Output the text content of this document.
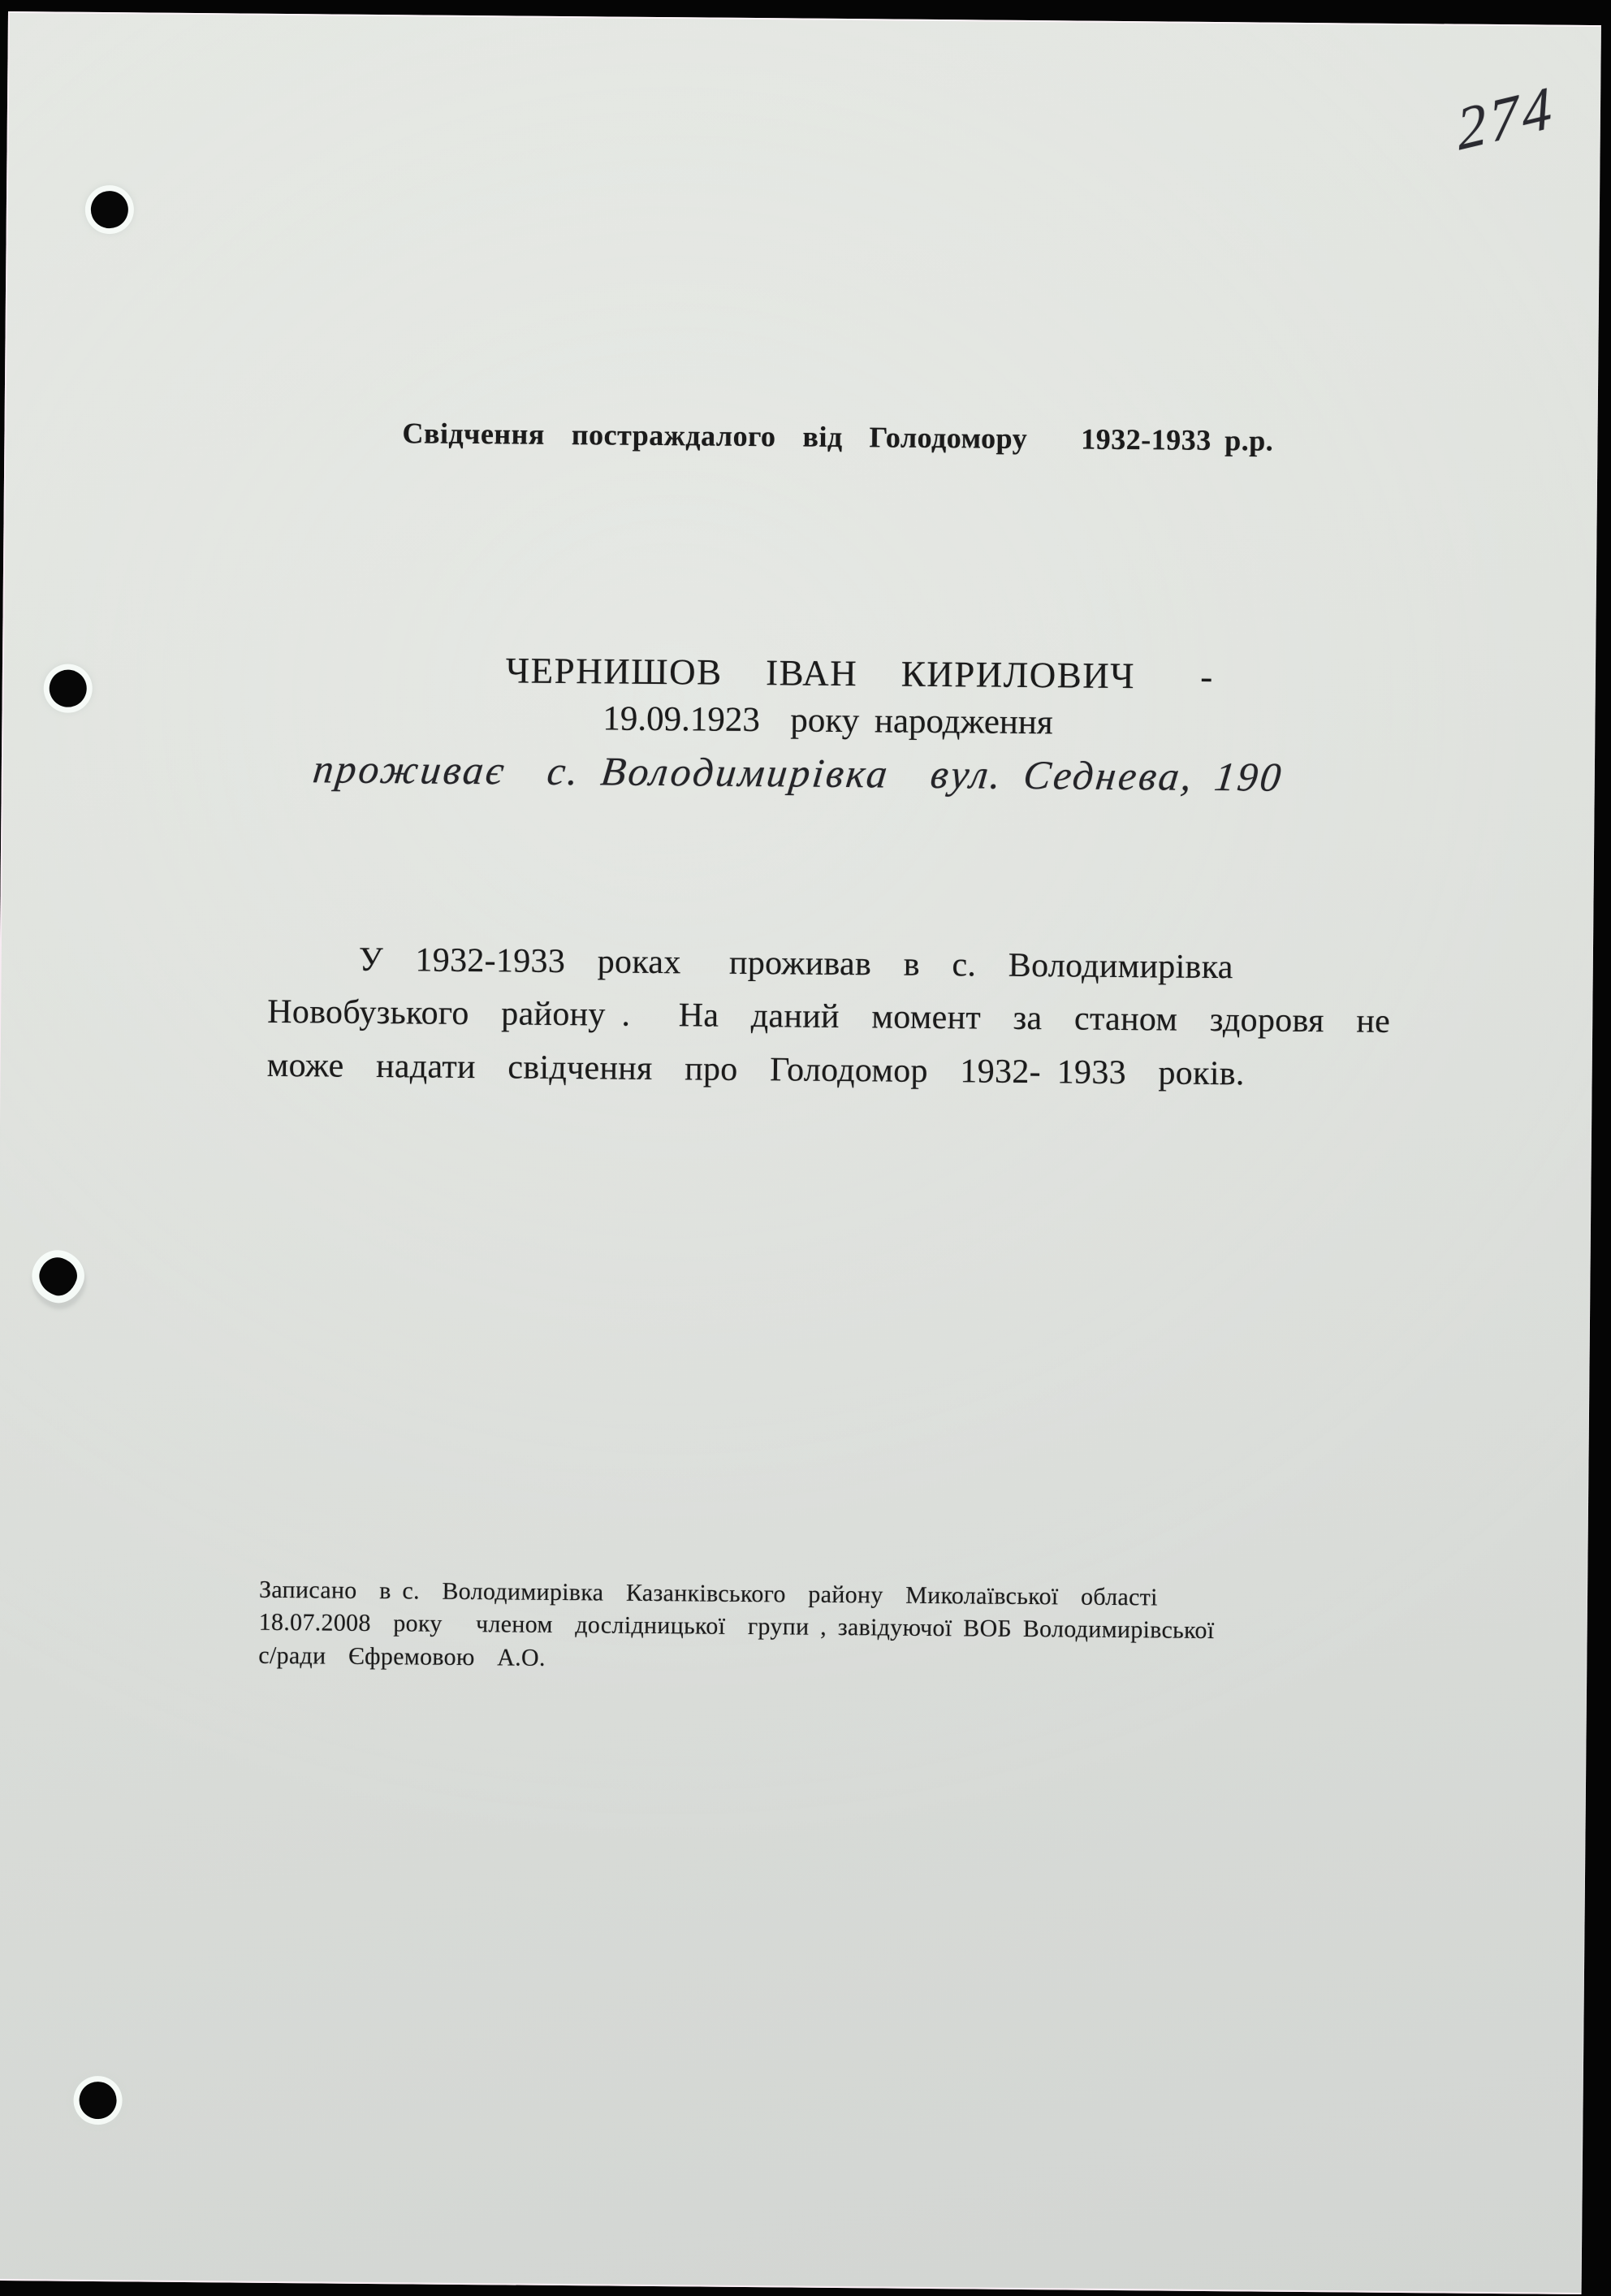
274
Свідчення  постраждалого  від  Голодомору    1932-1933 р.р.
ЧЕРНИШОВ  ІВАН  КИРИЛОВИЧ   -
19.09.1923  року народження
проживає  с. Володимирівка  вул. Седнева, 190
У  1932-1933  роках   проживав  в  с.  Володимирівка
Новобузького  району .   На  даний  момент  за  станом  здоровя  не
може  надати  свідчення  про  Голодомор  1932- 1933  років.
Записано  в с.  Володимирівка  Казанківського  району  Миколаївської  області
18.07.2008  року   членом  дослідницької  групи , завідуючої ВОБ Володимирівської
с/ради  Єфремовою  А.О.
